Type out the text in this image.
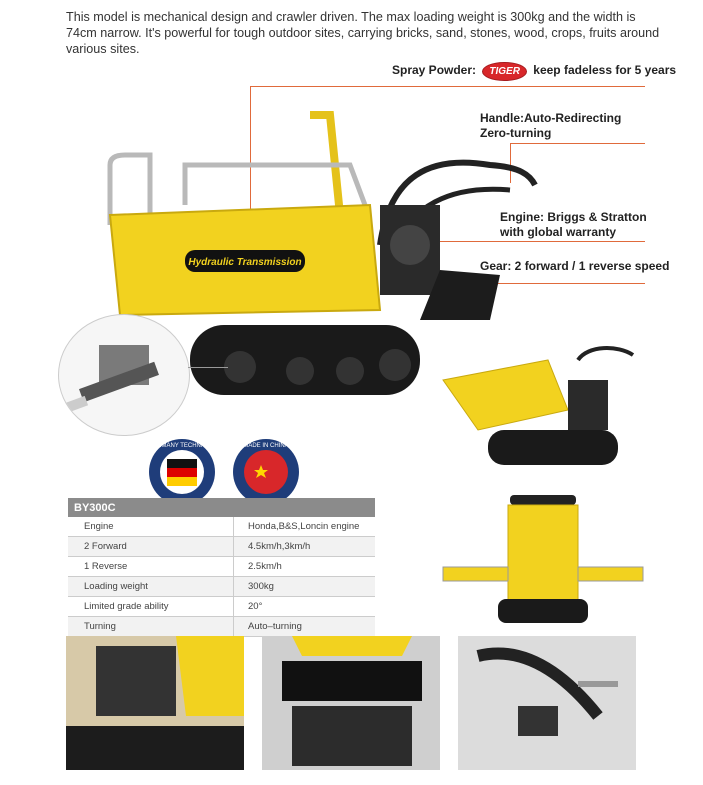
This model is mechanical design and crawler driven. The max loading weight is 300kg and the width is 74cm narrow. It's powerful for tough outdoor sites, carrying bricks, sand, stones, wood, crops, fruits around various sites.
Spray Powder: TIGER keep fadeless for 5 years
Handle:Auto-Redirecting
Zero-turning
Engine: Briggs & Stratton
with global warranty
Gear: 2 forward / 1 reverse speed
Hydraulic Transmission
GERMANY TECHNIQUE	MADE IN CHINA
BY300C	
Engine	Honda,B&S,Loncin engine
2 Forward	4.5km/h,3km/h
1 Reverse	2.5km/h
Loading weight	300kg
Limited grade ability	20°
Turning	Auto–turning
